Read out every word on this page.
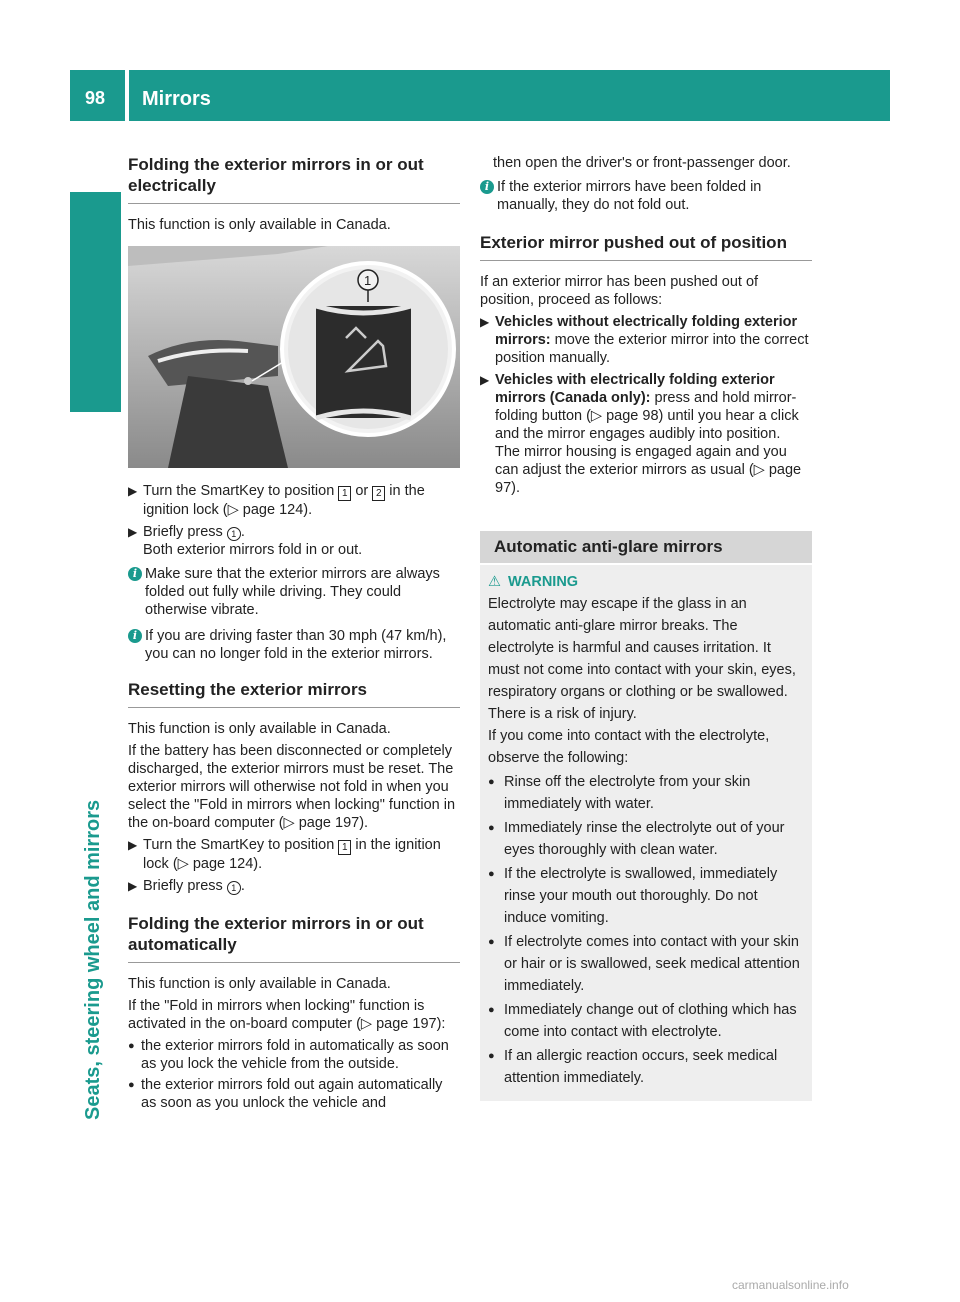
98 Mirrors
Seats, steering wheel and mirrors
Folding the exterior mirrors in or out electrically

This function is only available in Canada.

1
▶ Turn the SmartKey to position 1 or 2 in the ignition lock (▷ page 124).
▶ Briefly press 1 .
Both exterior mirrors fold in or out.
i Make sure that the exterior mirrors are always folded out fully while driving. They could otherwise vibrate.
i If you are driving faster than 30 mph (47 km/h), you can no longer fold in the exterior mirrors.
Resetting the exterior mirrors

This function is only available in Canada.

If the battery has been disconnected or completely discharged, the exterior mirrors must be reset. The exterior mirrors will otherwise not fold in when you select the "Fold in mirrors when locking" function in the on-board computer (▷ page 197).

▶ Turn the SmartKey to position 1 in the ignition lock (▷ page 124).
▶ Briefly press 1 .
Folding the exterior mirrors in or out automatically

This function is only available in Canada.

If the "Fold in mirrors when locking" function is activated in the on-board computer (▷ page 197):

● the exterior mirrors fold in automatically as soon as you lock the vehicle from the outside.
● the exterior mirrors fold out again automatically as soon as you unlock the vehicle and

then open the driver's or front-passenger door.

i If the exterior mirrors have been folded in manually, they do not fold out.
Exterior mirror pushed out of position

If an exterior mirror has been pushed out of position, proceed as follows:

▶ Vehicles without electrically folding exterior mirrors: move the exterior mirror into the correct position manually.
▶ Vehicles with electrically folding exterior mirrors (Canada only): press and hold mirror-folding button (▷ page 98) until you hear a click and the mirror engages audibly into position.
The mirror housing is engaged again and you can adjust the exterior mirrors as usual (▷ page 97).
Automatic anti-glare mirrors
⚠ WARNING

Electrolyte may escape if the glass in an automatic anti-glare mirror breaks. The electrolyte is harmful and causes irritation. It must not come into contact with your skin, eyes, respiratory organs or clothing or be swallowed. There is a risk of injury.

If you come into contact with the electrolyte, observe the following:

● Rinse off the electrolyte from your skin immediately with water.
● Immediately rinse the electrolyte out of your eyes thoroughly with clean water.
● If the electrolyte is swallowed, immediately rinse your mouth out thoroughly. Do not induce vomiting.
● If electrolyte comes into contact with your skin or hair or is swallowed, seek medical attention immediately.
● Immediately change out of clothing which has come into contact with electrolyte.
● If an allergic reaction occurs, seek medical attention immediately.
carmanualsonline.info
